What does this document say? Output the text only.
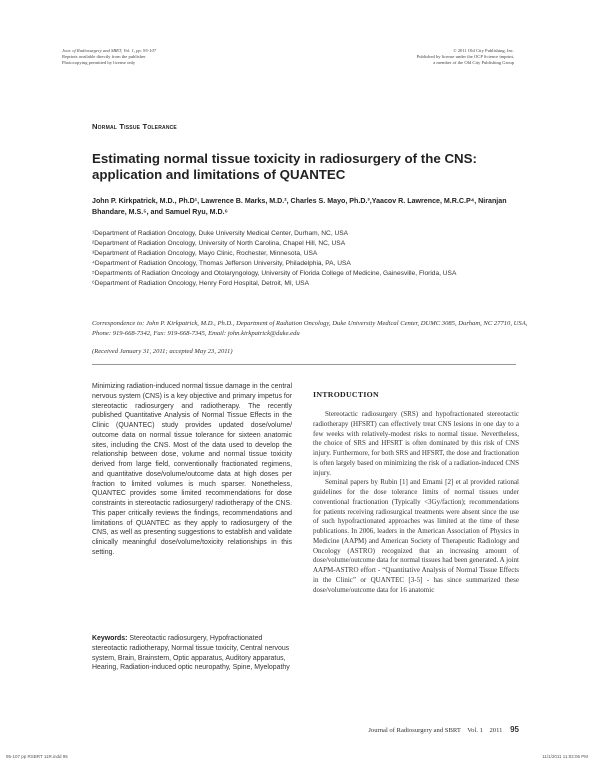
Jour. of Radiosurgery and SBRT, Vol. 1, pp. 95-107
Reprints available directly from the publisher
Photocopying permitted by license only
© 2011 Old City Publishing, Inc.
Published by license under the OCP Science imprint,
a member of the Old City Publishing Group
Normal Tissue Tolerance
Estimating normal tissue toxicity in radiosurgery of the CNS: application and limitations of QUANTEC
John P. Kirkpatrick, M.D., Ph.D¹, Lawrence B. Marks, M.D.², Charles S. Mayo, Ph.D.³,Yaacov R. Lawrence, M.R.C.P⁴, Niranjan Bhandare, M.S.⁵, and Samuel Ryu, M.D.⁶
¹Department of Radiation Oncology, Duke University Medical Center, Durham, NC, USA
²Department of Radiation Oncology, University of North Carolina, Chapel Hill, NC, USA
³Department of Radiation Oncology, Mayo Clinic, Rochester, Minnesota, USA
⁴Department of Radiation Oncology, Thomas Jefferson University, Philadelphia, PA, USA
⁵Departments of Radiation Oncology and Otolaryngology, University of Florida College of Medicine, Gainesville, Florida, USA
⁶Department of Radiation Oncology, Henry Ford Hospital, Detroit, MI, USA
Correspondence to: John P. Kirkpatrick, M.D., Ph.D., Department of Radiation Oncology, Duke University Medical Center, DUMC 3085, Durham, NC 27710, USA, Phone: 919-668-7342, Fax: 919-668-7345, Email: john.kirkpatrick@duke.edu
(Received January 31, 2011; accepted May 23, 2011)
Minimizing radiation-induced normal tissue damage in the central nervous system (CNS) is a key objective and primary impetus for stereotactic radiosurgery and radiotherapy. The recently published Quantitative Analysis of Normal Tissue Effects in the Clinic (QUANTEC) study provides updated dose/volume/ outcome data on normal tissue tolerance for sixteen anatomic sites, including the CNS. Most of the data used to develop the relationship between dose, volume and normal tissue toxicity derived from large field, conventionally fractionated regimens, and quantitative dose/volume/outcome data at high doses per fraction to limited volumes is much sparser. Nonetheless, QUANTEC provides some limited recommendations for dose constraints in stereotactic radiosurgery/ radiotherapy of the CNS. This paper critically reviews the findings, recommendations and limitations of QUANTEC as they apply to radiosurgery of the CNS, as well as presenting suggestions to establish and validate clinically meaningful dose/volume/toxicity relationships in this setting.
Keywords: Stereotactic radiosurgery, Hypofractionated stereotactic radiotherapy, Normal tissue toxicity, Central nervous system, Brain, Brainstem, Optic apparatus, Auditory apparatus, Hearing, Radiation-induced optic neuropathy, Spine, Myelopathy
INTRODUCTION

Stereotactic radiosurgery (SRS) and hypofractionated stereotactic radiotherapy (HFSRT) can effectively treat CNS lesions in one day to a few weeks with relatively-modest risks to normal tissue. Nevertheless, the choice of SRS and HFSRT is often dominated by this risk of CNS injury. Furthermore, for both SRS and HFSRT, the dose and fractionation is often largely based on minimizing the risk of a radiation-induced CNS injury.

Seminal papers by Rubin [1] and Emami [2] et al provided rational guidelines for the dose tolerance limits of normal tissues under conventional fractionation (Typically <3Gy/faction); recommendations for patients receiving radiosurgical treatments were absent since the use of such hypofractionated approaches was limited at the time of these publications. In 2006, leaders in the American Association of Physics in Medicine (AAPM) and American Society of Therapeutic Radiology and Oncology (ASTRO) recognized that an increasing amount of dose/volume/outcome data for normal tissues had been generated. A joint AAPM-ASTRO effort - “Quantitative Analysis of Normal Tissue Effects in the Clinic” or QUANTEC [3-5] - has since summarized these dose/volume/outcome data for 16 anatomic

Journal of Radiosurgery and SBRT Vol. 1 2011 95
95-107 pp RSBRT 11R.indd 95	11/1/2011 11:02:06 PM
